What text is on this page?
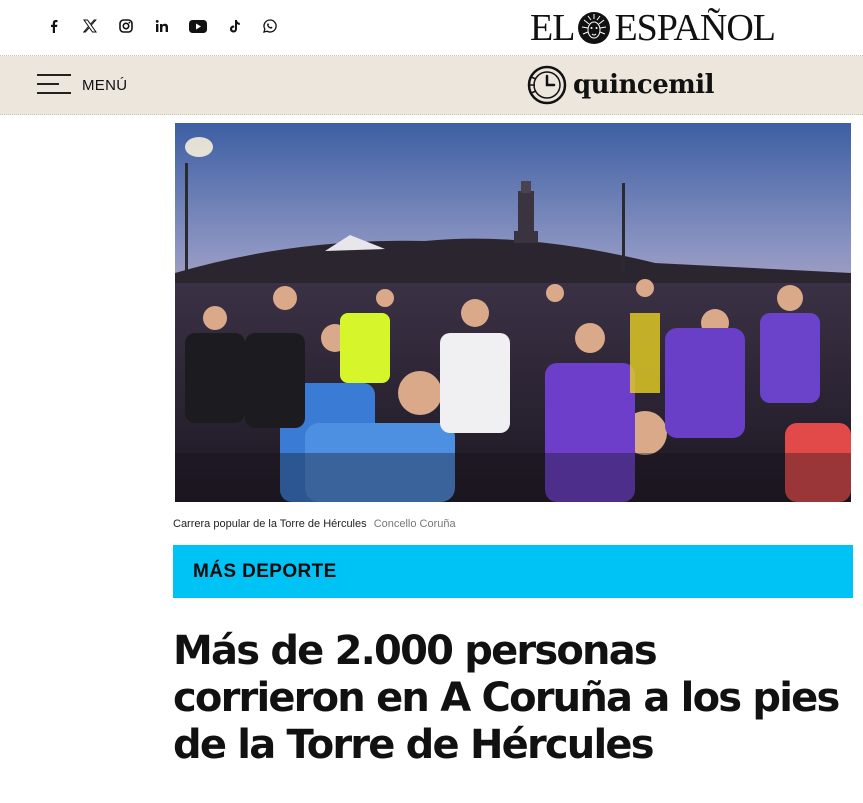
EL ESPAÑOL
MENÚ	quincemil
Carrera popular de la Torre de Hércules Concello Coruña
MÁS DEPORTE
Más de 2.000 personas corrieron en A Coruña a los pies de la Torre de Hércules
